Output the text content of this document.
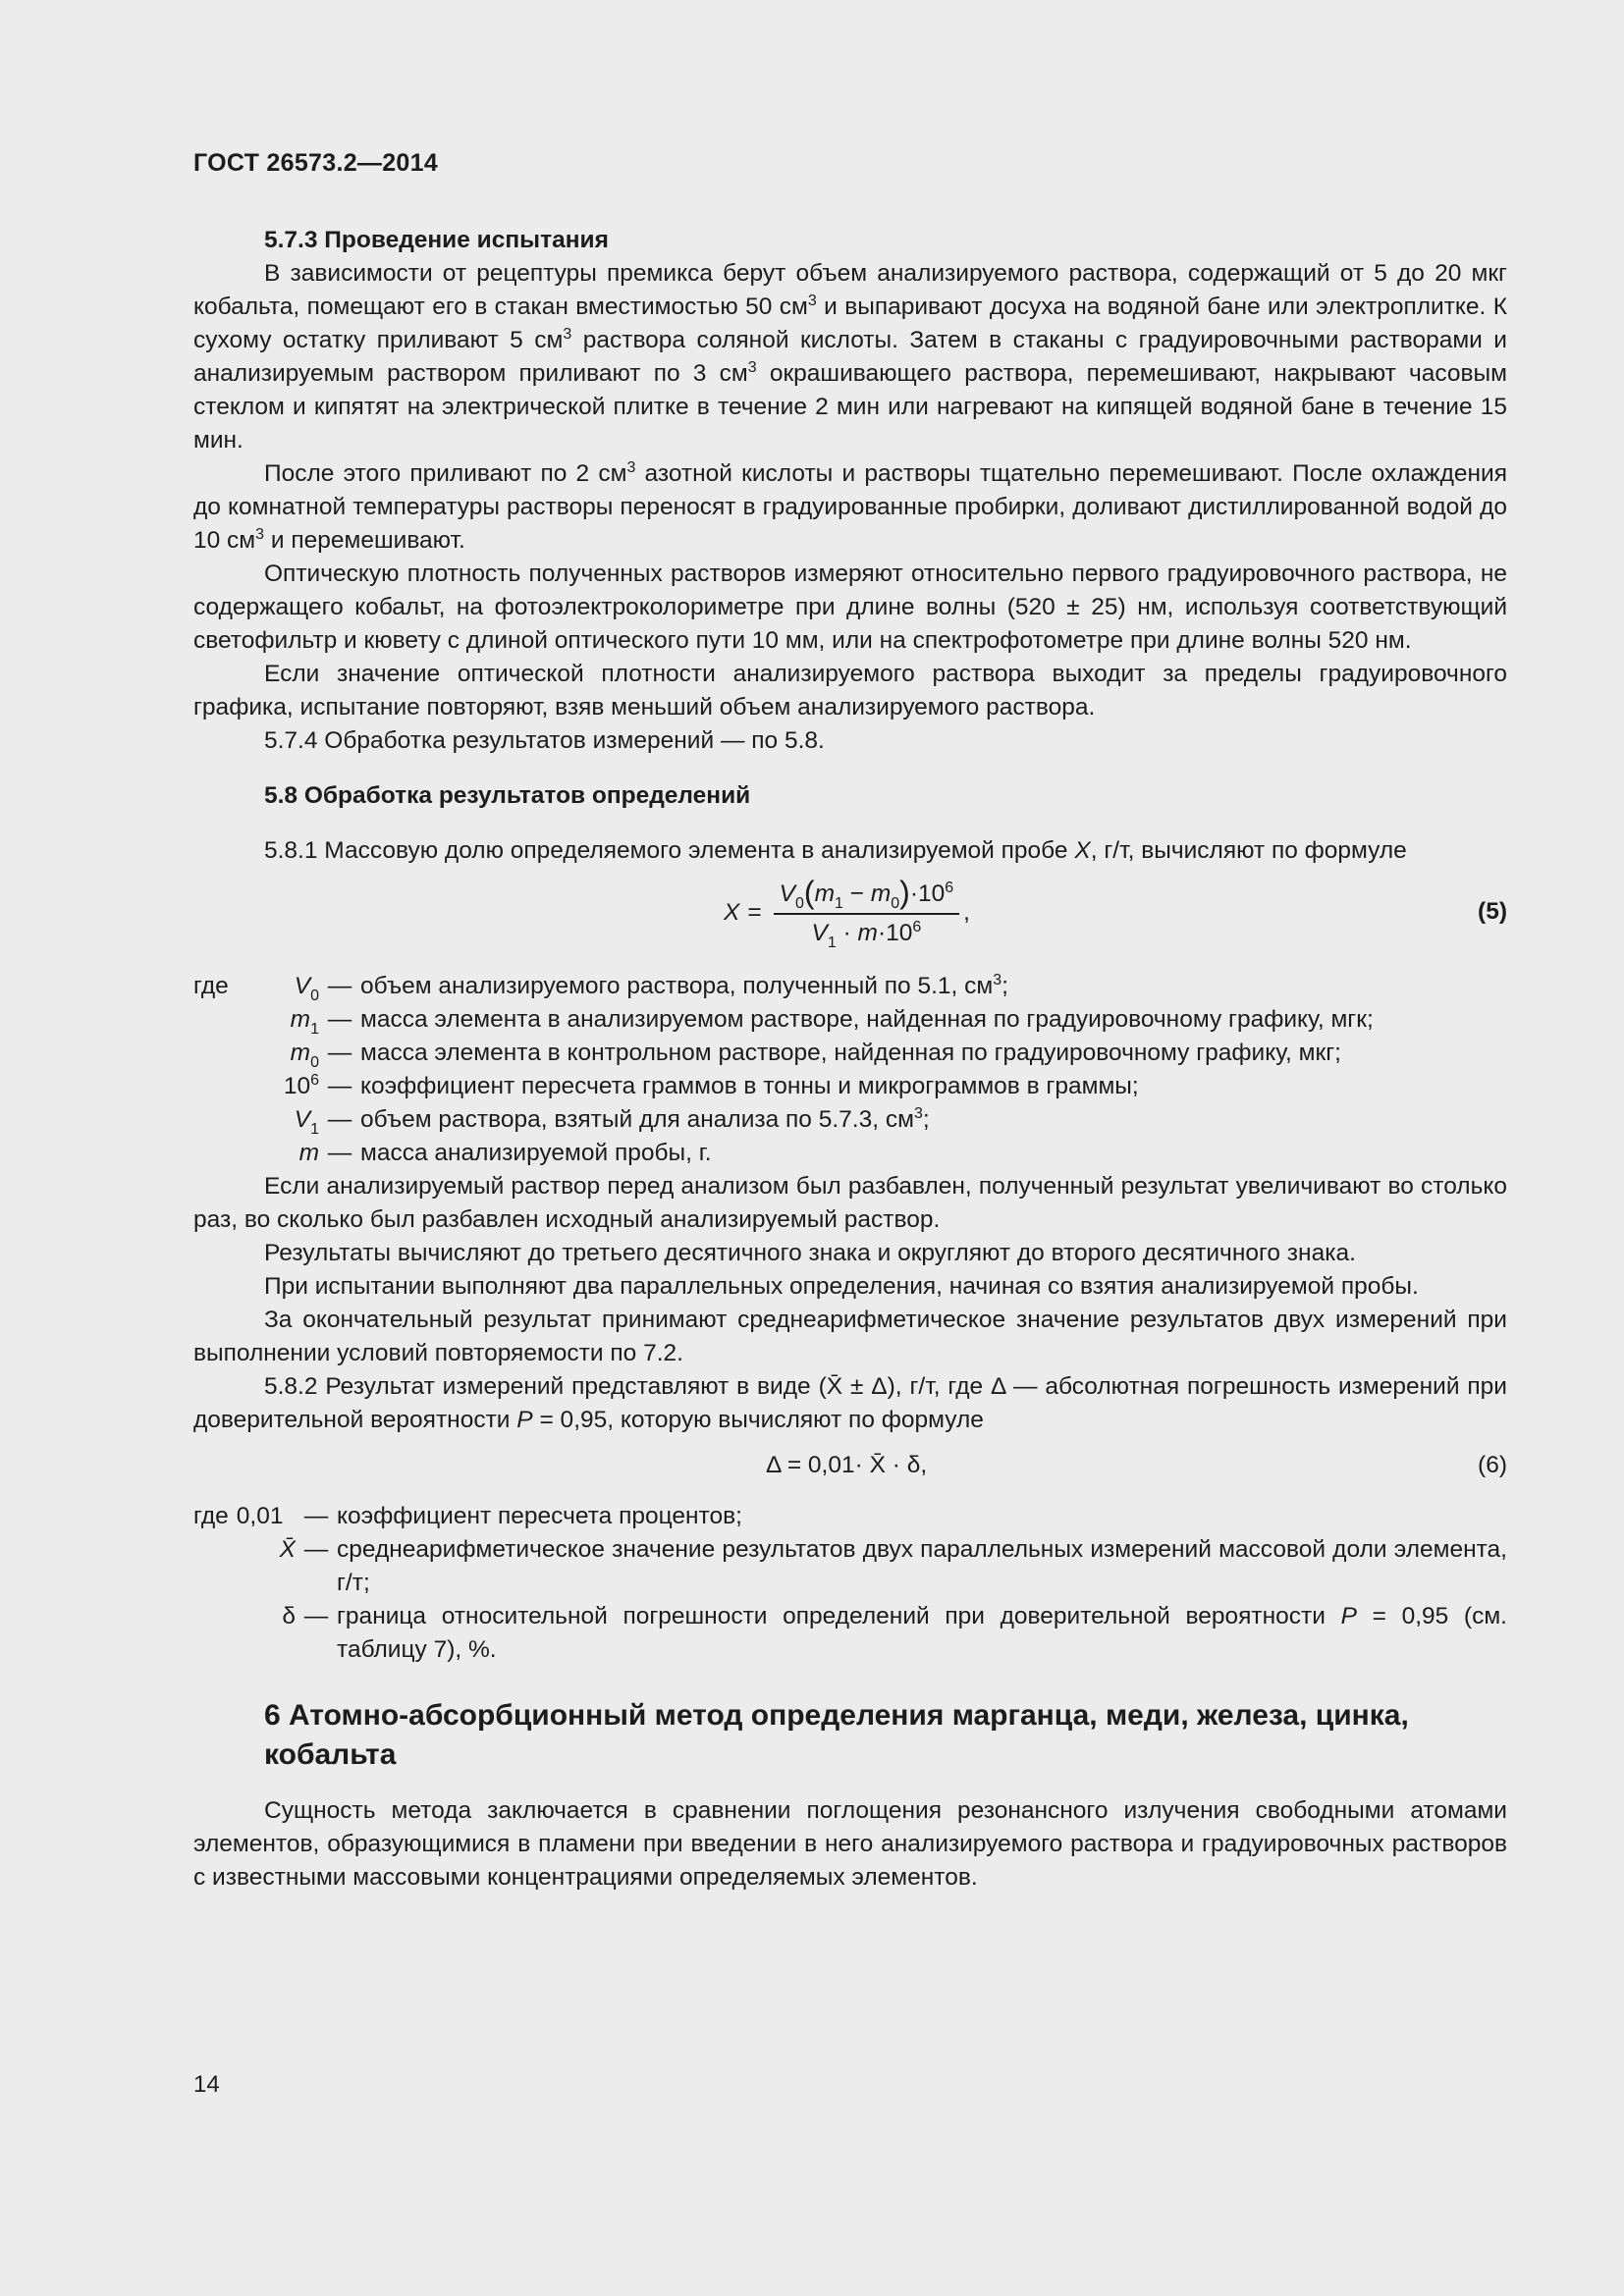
ГОСТ 26573.2—2014

5.7.3 Проведение испытания

В зависимости от рецептуры премикса берут объем анализируемого раствора, содержащий от 5 до 20 мкг кобальта, помещают его в стакан вместимостью 50 $см^3$ и выпаривают досуха на водяной бане или электроплитке. К сухому остатку приливают 5 $см^3$ раствора соляной кислоты. Затем в стаканы с градуировочными растворами и анализируемым раствором приливают по 3 $см^3$ окрашивающего раствора, перемешивают, накрывают часовым стеклом и кипятят на электрической плитке в течение 2 мин или нагревают на кипящей водяной бане в течение 15 мин.

После этого приливают по 2 $см^3$ азотной кислоты и растворы тщательно перемешивают. После охлаждения до комнатной температуры растворы переносят в градуированные пробирки, доливают дистиллированной водой до 10 $см^3$ и перемешивают.

Оптическую плотность полученных растворов измеряют относительно первого градуировочного раствора, не содержащего кобальт, на фотоэлектроколориметре при длине волны (520 ± 25) нм, используя соответствующий светофильтр и кювету с длиной оптического пути 10 мм, или на спектрофотометре при длине волны 520 нм.

Если значение оптической плотности анализируемого раствора выходит за пределы градуировочного графика, испытание повторяют, взяв меньший объем анализируемого раствора.

5.7.4 Обработка результатов измерений — по 5.8.

5.8 Обработка результатов определений

5.8.1 Массовую долю определяемого элемента в анализируемой пробе X, г/т, вычисляют по формуле

$X = \frac{V_0(m_1 - m_0)\cdot 10^6}{V_1 \cdot m\cdot 10^6}$ ,	(5)
где	$V_0$	—	объем анализируемого раствора, полученный по 5.1, $см^3$;
	$m_1$	—	масса элемента в анализируемом растворе, найденная по градуировочному графику, мгк;
	$m_0$	—	масса элемента в контрольном растворе, найденная по градуировочному графику, мкг;
	$10^6$	—	коэффициент пересчета граммов в тонны и микрограммов в граммы;
	$V_1$	—	объем раствора, взятый для анализа по 5.7.3, $см^3$;
	m	—	масса анализируемой пробы, г.

Если анализируемый раствор перед анализом был разбавлен, полученный результат увеличивают во столько раз, во сколько был разбавлен исходный анализируемый раствор.

Результаты вычисляют до третьего десятичного знака и округляют до второго десятичного знака.

При испытании выполняют два параллельных определения, начиная со взятия анализируемой пробы.

За окончательный результат принимают среднеарифметическое значение результатов двух измерений при выполнении условий повторяемости по 7.2.

5.8.2 Результат измерений представляют в виде (X̄ ± Δ), г/т, где Δ — абсолютная погрешность измерений при доверительной вероятности P = 0,95, которую вычисляют по формуле

Δ = 0,01· X̄ · δ,	(6)
где 0,01	—	коэффициент пересчета процентов;
X̄	—	среднеарифметическое значение результатов двух параллельных измерений массовой доли элемента, г/т;
δ	—	граница относительной погрешности определений при доверительной вероятности P = 0,95 (см. таблицу 7), %.
6 Атомно-абсорбционный метод определения марганца, меди, железа, цинка, кобальта

Сущность метода заключается в сравнении поглощения резонансного излучения свободными атомами элементов, образующимися в пламени при введении в него анализируемого раствора и градуировочных растворов с известными массовыми концентрациями определяемых элементов.

14
